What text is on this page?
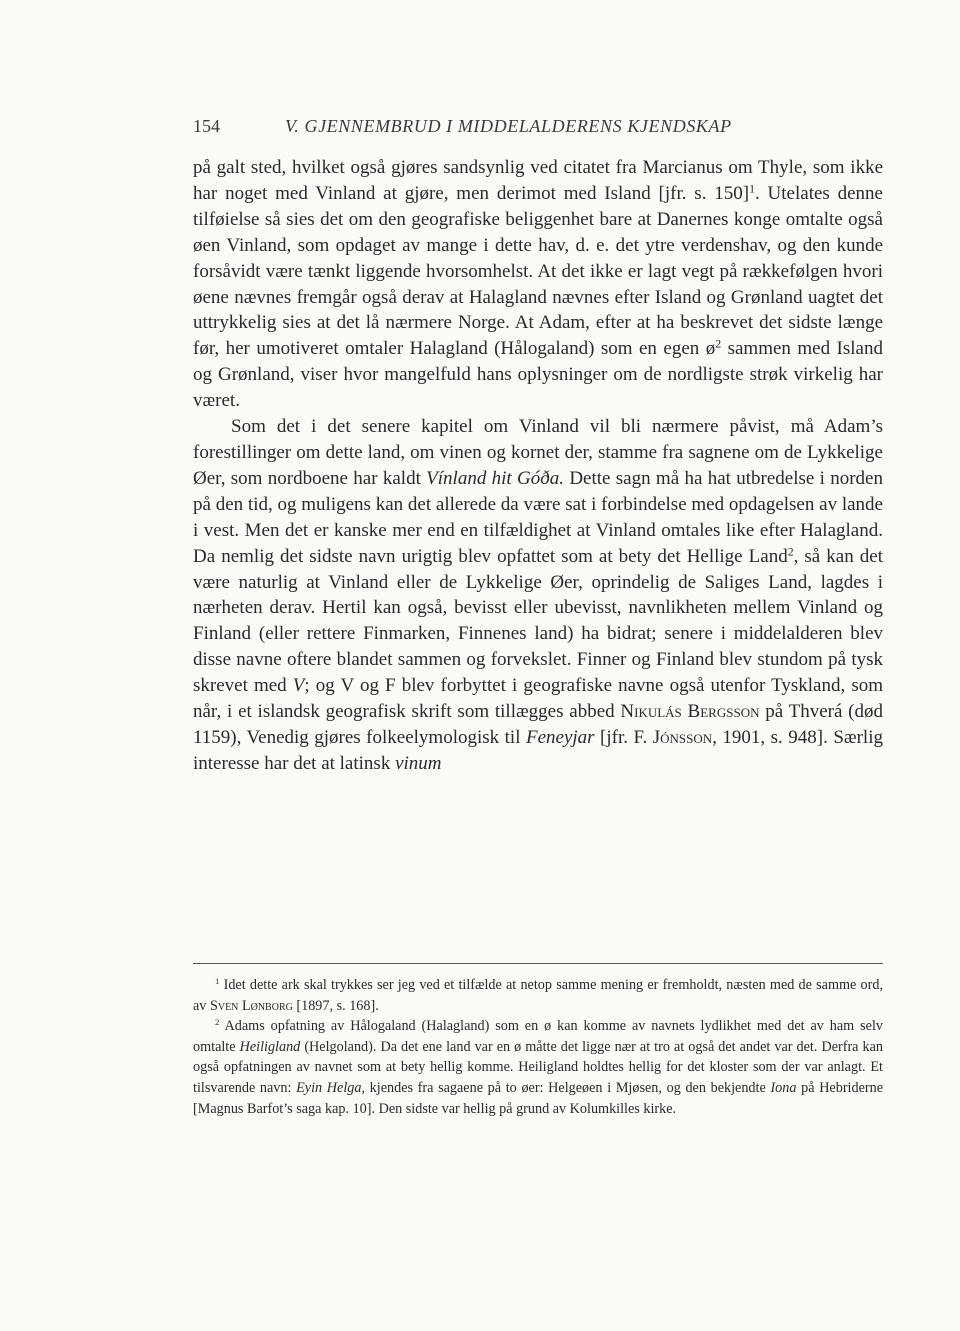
154	V. GJENNEMBRUD I MIDDELALDERENS KJENDSKAP

på galt sted, hvilket også gjøres sandsynlig ved citatet fra Marcianus om Thyle, som ikke har noget med Vinland at gjøre, men derimot med Island [jfr. s. 150]$^1$. Utelates denne tilføielse så sies det om den geografiske beliggenhet bare at Danernes konge omtalte også øen Vinland, som opdaget av mange i dette hav, d. e. det ytre verdenshav, og den kunde forsåvidt være tænkt liggende hvorsomhelst. At det ikke er lagt vegt på rækkefølgen hvori øene nævnes fremgår også derav at Halagland nævnes efter Island og Grønland uagtet det uttrykkelig sies at det lå nærmere Norge. At Adam, efter at ha beskrevet det sidste længe før, her umotiveret omtaler Halagland (Hålogaland) som en egen $ø^2$ sammen med Island og Grønland, viser hvor mangelfuld hans oplysninger om de nordligste strøk virkelig har været.

Som det i det senere kapitel om Vinland vil bli nærmere påvist, må Adam’s forestillinger om dette land, om vinen og kornet der, stamme fra sagnene om de Lykkelige Øer, som nordboene har kaldt Vínland hit Góða. Dette sagn må ha hat utbredelse i norden på den tid, og muligens kan det allerede da være sat i forbindelse med opdagelsen av lande i vest. Men det er kanske mer end en tilfældighet at Vinland omtales like efter Halagland. Da nemlig det sidste navn urigtig blev opfattet som at bety det Hellige Land$^2$, så kan det være naturlig at Vinland eller de Lykkelige Øer, oprindelig de Saliges Land, lagdes i nærheten derav. Hertil kan også, bevisst eller ubevisst, navnlikheten mellem Vinland og Finland (eller rettere Finmarken, Finnenes land) ha bidrat; senere i middelalderen blev disse navne oftere blandet sammen og forvekslet. Finner og Finland blev stundom på tysk skrevet med V; og V og F blev forbyttet i geografiske navne også utenfor Tyskland, som når, i et islandsk geografisk skrift som tillægges abbed Nikulás Bergsson på Thverá (død 1159), Venedig gjøres folkeelymologisk til Feneyjar [jfr. F. Jónsson, 1901, s. 948]. Særlig interesse har det at latinsk vinum

$^1$ Idet dette ark skal trykkes ser jeg ved et tilfælde at netop samme mening er fremholdt, næsten med de samme ord, av Sven Lønborg [1897, s. 168].

$^2$ Adams opfatning av Hålogaland (Halagland) som en ø kan komme av navnets lydlikhet med det av ham selv omtalte Heiligland (Helgoland). Da det ene land var en ø måtte det ligge nær at tro at også det andet var det. Derfra kan også opfatningen av navnet som at bety hellig komme. Heiligland holdtes hellig for det kloster som der var anlagt. Et tilsvarende navn: Eyin Helga, kjendes fra sagaene på to øer: Helgeøen i Mjøsen, og den bekjendte Iona på Hebriderne [Magnus Barfot’s saga kap. 10]. Den sidste var hellig på grund av Kolumkilles kirke.
